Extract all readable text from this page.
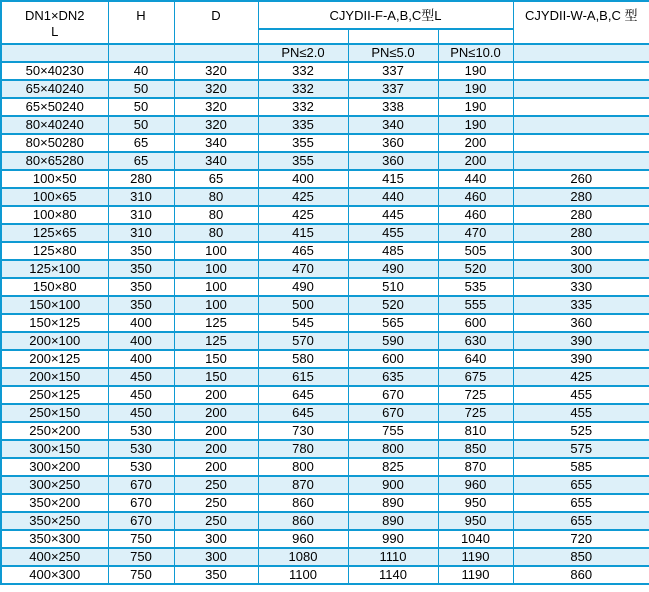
DN1×DN2
L	H	D	CJYDII-F-A,B,C型L			CJYDII-W-A,B,C 型

			PN≤2.0	PN≤5.0	PN≤10.0	
50×40230	40	320	332	337	190	
65×40240	50	320	332	337	190	
65×50240	50	320	332	338	190	
80×40240	50	320	335	340	190	
80×50280	65	340	355	360	200	
80×65280	65	340	355	360	200	
100×50	280	65	400	415	440	260
100×65	310	80	425	440	460	280
100×80	310	80	425	445	460	280
125×65	310	80	415	455	470	280
125×80	350	100	465	485	505	300
125×100	350	100	470	490	520	300
150×80	350	100	490	510	535	330
150×100	350	100	500	520	555	335
150×125	400	125	545	565	600	360
200×100	400	125	570	590	630	390
200×125	400	150	580	600	640	390
200×150	450	150	615	635	675	425
250×125	450	200	645	670	725	455
250×150	450	200	645	670	725	455
250×200	530	200	730	755	810	525
300×150	530	200	780	800	850	575
300×200	530	200	800	825	870	585
300×250	670	250	870	900	960	655
350×200	670	250	860	890	950	655
350×250	670	250	860	890	950	655
350×300	750	300	960	990	1040	720
400×250	750	300	1080	1110	1190	850
400×300	750	350	1100	1140	1190	860
